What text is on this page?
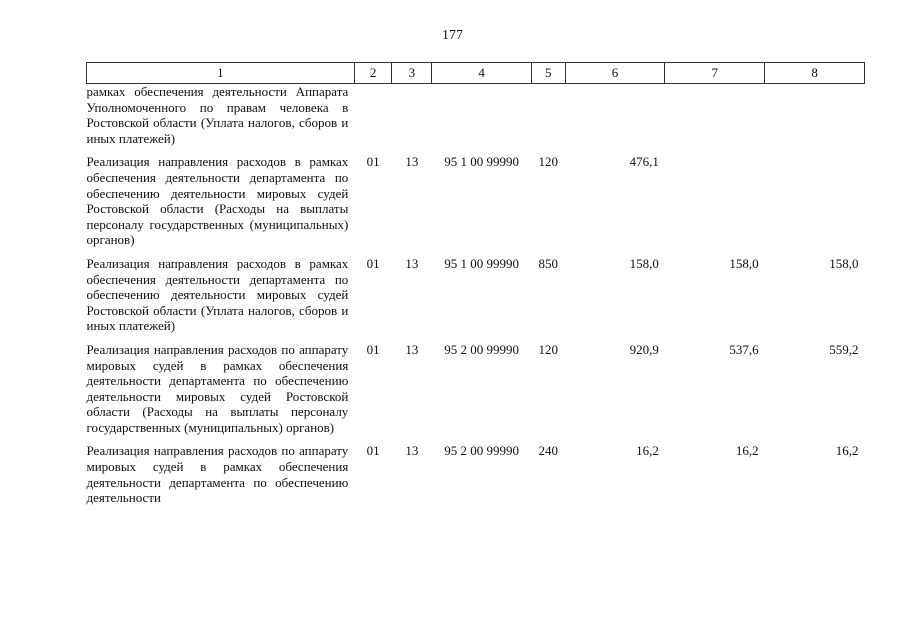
177
1	2	3	4	5	6	7	8
рамках обеспечения деятельности Аппарата Уполномоченного по правам человека в Ростовской области (Уплата налогов, сборов и иных платежей)							
Реализация направления расходов в рамках обеспечения деятельности департамента по обеспечению деятельности мировых судей Ростовской области (Расходы на выплаты персоналу государственных (муниципальных) органов)	01	13	95 1 00 99990	120	476,1		
Реализация направления расходов в рамках обеспечения деятельности департамента по обеспечению деятельности мировых судей Ростовской области (Уплата налогов, сборов и иных платежей)	01	13	95 1 00 99990	850	158,0	158,0	158,0
Реализация направления расходов по аппарату мировых судей в рамках обеспечения деятельности департамента по обеспечению деятельности мировых судей Ростовской области (Расходы на выплаты персоналу государственных (муниципальных) органов)	01	13	95 2 00 99990	120	920,9	537,6	559,2
Реализация направления расходов по аппарату мировых судей в рамках обеспечения деятельности департамента по обеспечению деятельности	01	13	95 2 00 99990	240	16,2	16,2	16,2
